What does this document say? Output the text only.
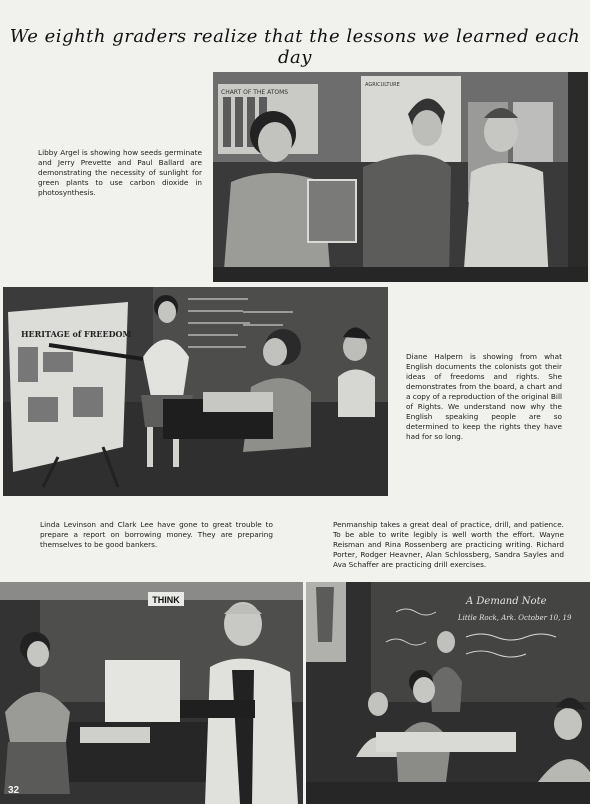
We eighth graders realize that the lessons we learned each day
CHART OF THE ATOMS
AGRICULTURE

Libby Argel is showing how seeds germinate and Jerry Prevette and Paul Ballard are demonstrating the necessity of sunlight for green plants to use carbon dioxide in photosynthesis.

HERITAGE of FREEDOM

Diane Halpern is showing from what English documents the colonists got their ideas of freedoms and rights. She demonstrates from the board, a chart and a copy of a reproduction of the original Bill of Rights. We understand now why the English speaking people are so determined to keep the rights they have had for so long.

Linda Levinson and Clark Lee have gone to great trouble to prepare a report on borrowing money. They are preparing themselves to be good bankers.

Penmanship takes a great deal of practice, drill, and patience. To be able to write legibly is well worth the effort. Wayne Reisman and Rina Rossenberg are practicing writing. Richard Porter, Rodger Heavner, Alan Schlossberg, Sandra Sayles and Ava Schaffer are practicing drill exercises.

THINK
32
A Demand Note
Little Rock, Ark. October 10, 19
